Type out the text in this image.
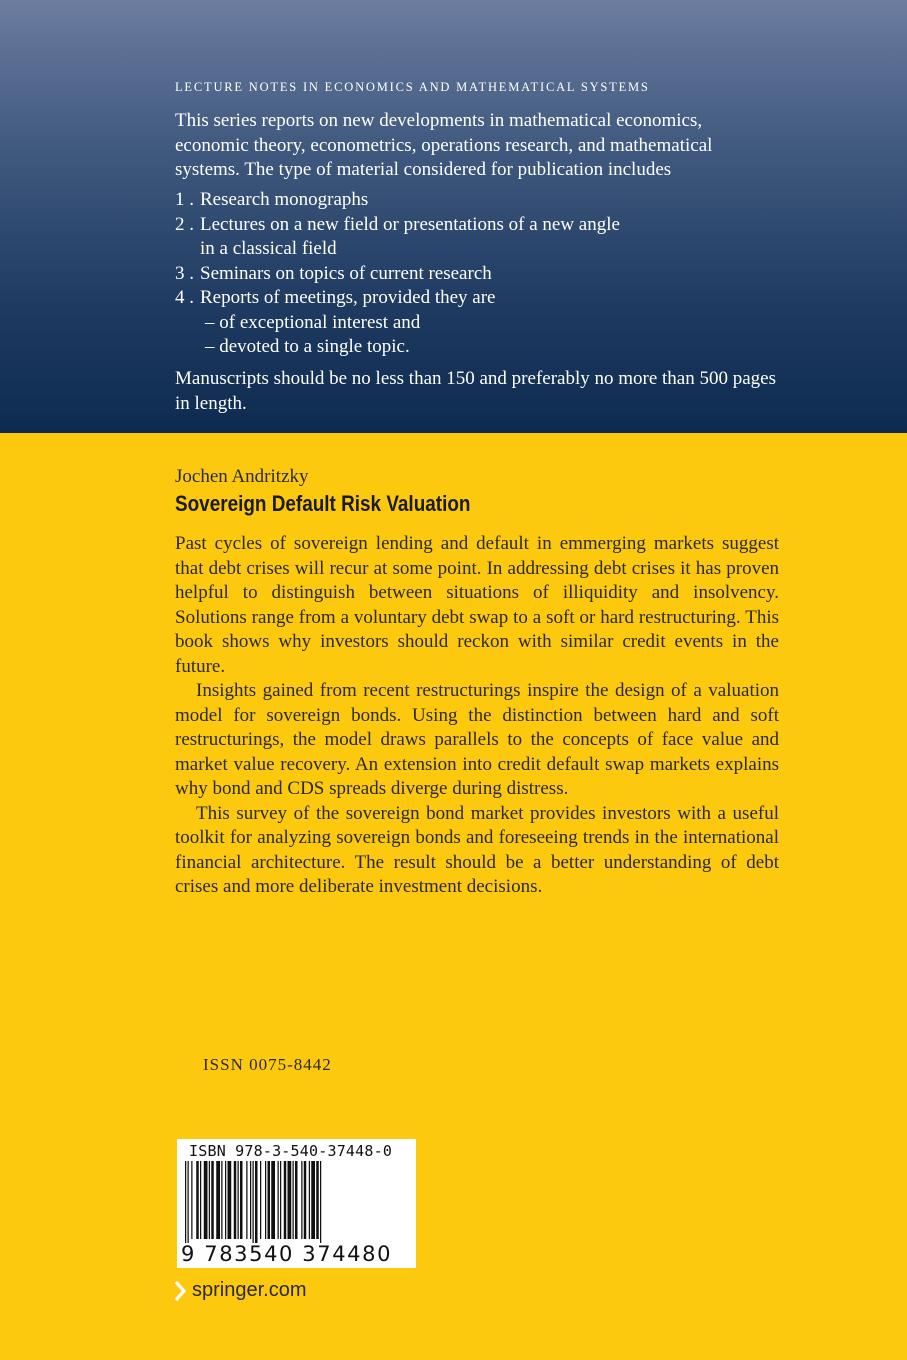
LECTURE NOTES IN ECONOMICS AND MATHEMATICAL SYSTEMS

This series reports on new developments in mathematical economics, economic theory, econometrics, operations research, and mathematical systems. The type of material considered for publication includes

1 . Research monographs
2 . Lectures on a new field or presentations of a new angle
in a classical field
3 . Seminars on topics of current research
4 . Reports of meetings, provided they are
– of exceptional interest and
– devoted to a single topic.

Manuscripts should be no less than 150 and preferably no more than 500 pages in length.

Jochen Andritzky
Sovereign Default Risk Valuation

Past cycles of sovereign lending and default in emmerging markets suggest that debt crises will recur at some point. In addressing debt crises it has proven helpful to distinguish between situations of illiquidity and insolvency. Solutions range from a voluntary debt swap to a soft or hard restructuring. This book shows why investors should reckon with similar credit events in the future.

Insights gained from recent restructurings inspire the design of a valuation model for sovereign bonds. Using the distinction between hard and soft restructurings, the model draws parallels to the concepts of face value and market value recovery. An extension into credit default swap markets explains why bond and CDS spreads diverge during distress.

This survey of the sovereign bond market provides investors with a useful toolkit for analyzing sovereign bonds and foreseeing trends in the international financial architecture. The result should be a better understanding of debt crises and more deliberate investment decisions.

ISSN 0075-8442
ISBN 978-3-540-37448-0
9 783540 374480
springer.com
